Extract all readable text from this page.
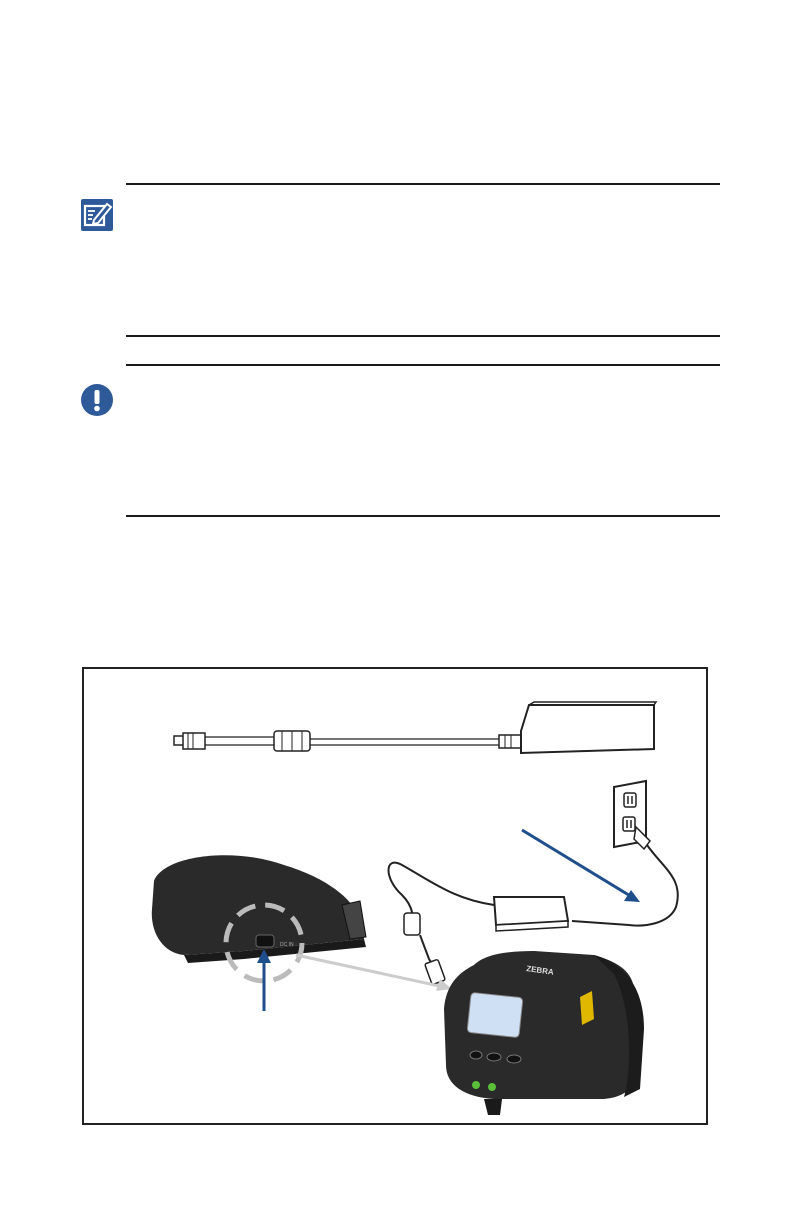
DC IN
ZEBRA
